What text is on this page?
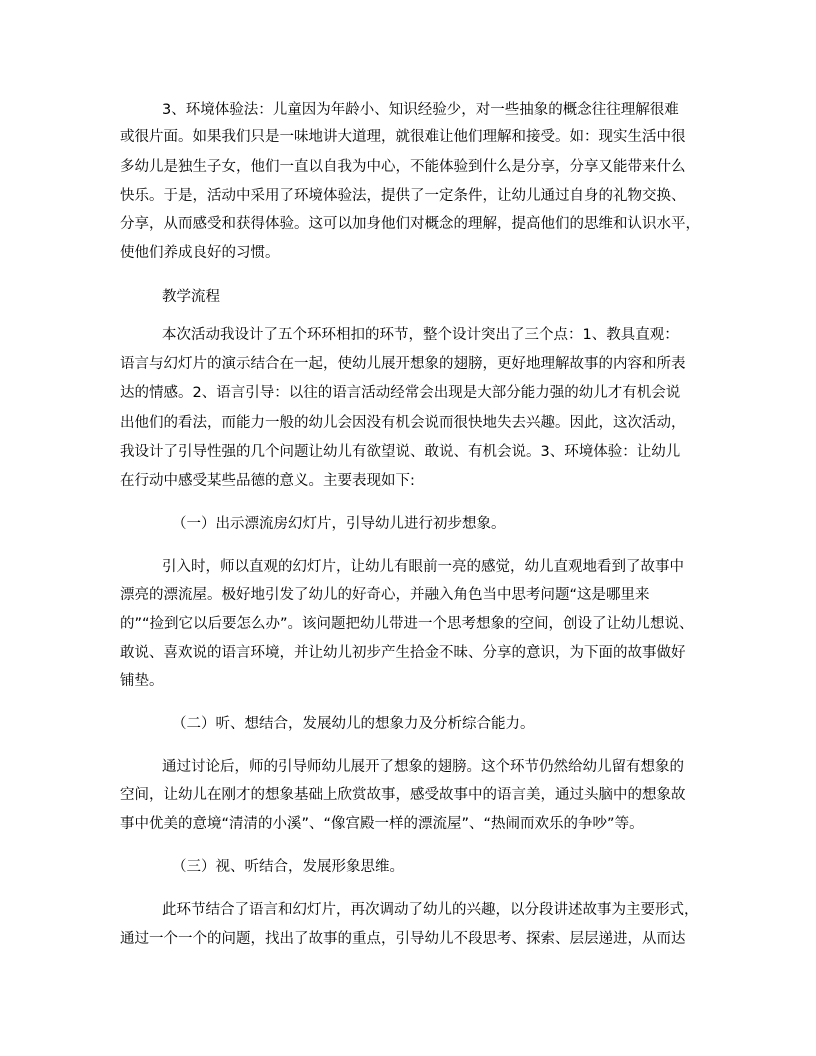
3、环境体验法：儿童因为年龄小、知识经验少，对一些抽象的概念往往理解很难
或很片面。如果我们只是一味地讲大道理，就很难让他们理解和接受。如：现实生活中很
多幼儿是独生子女，他们一直以自我为中心，不能体验到什么是分享，分享又能带来什么
快乐。于是，活动中采用了环境体验法，提供了一定条件，让幼儿通过自身的礼物交换、
分享，从而感受和获得体验。这可以加身他们对概念的理解，提高他们的思维和认识水平，
使他们养成良好的习惯。
教学流程
本次活动我设计了五个环环相扣的环节，整个设计突出了三个点：1、教具直观：
语言与幻灯片的演示结合在一起，使幼儿展开想象的翅膀，更好地理解故事的内容和所表
达的情感。2、语言引导：以往的语言活动经常会出现是大部分能力强的幼儿才有机会说
出他们的看法，而能力一般的幼儿会因没有机会说而很快地失去兴趣。因此，这次活动，
我设计了引导性强的几个问题让幼儿有欲望说、敢说、有机会说。3、环境体验：让幼儿
在行动中感受某些品德的意义。主要表现如下:
（一）出示漂流房幻灯片，引导幼儿进行初步想象。
引入时，师以直观的幻灯片，让幼儿有眼前一亮的感觉，幼儿直观地看到了故事中
漂亮的漂流屋。极好地引发了幼儿的好奇心，并融入角色当中思考问题“这是哪里来
的”“捡到它以后要怎么办”。该问题把幼儿带进一个思考想象的空间，创设了让幼儿想说、
敢说、喜欢说的语言环境，并让幼儿初步产生拾金不昧、分享的意识，为下面的故事做好
铺垫。
（二）听、想结合，发展幼儿的想象力及分析综合能力。
通过讨论后，师的引导师幼儿展开了想象的翅膀。这个环节仍然给幼儿留有想象的
空间，让幼儿在刚才的想象基础上欣赏故事，感受故事中的语言美，通过头脑中的想象故
事中优美的意境“清清的小溪”、“像宫殿一样的漂流屋”、“热闹而欢乐的争吵”等。
（三）视、听结合，发展形象思维。
此环节结合了语言和幻灯片，再次调动了幼儿的兴趣，以分段讲述故事为主要形式，
通过一个一个的问题，找出了故事的重点，引导幼儿不段思考、探索、层层递进，从而达
